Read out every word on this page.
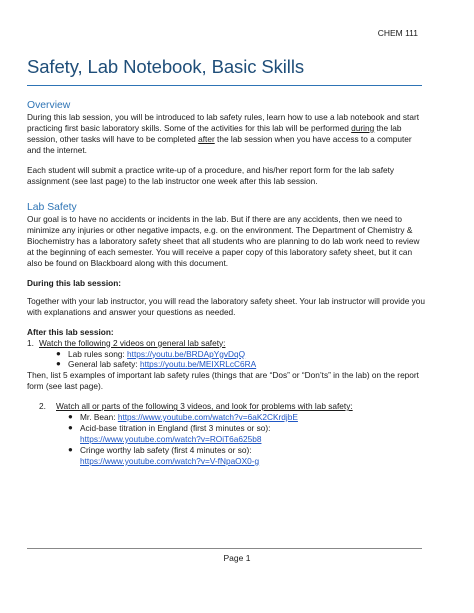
CHEM 111
Safety, Lab Notebook, Basic Skills
Overview

During this lab session, you will be introduced to lab safety rules, learn how to use a lab notebook and start practicing first basic laboratory skills. Some of the activities for this lab will be performed during the lab session, other tasks will have to be completed after the lab session when you have access to a computer and the internet.

Each student will submit a practice write-up of a procedure, and his/her report form for the lab safety assignment (see last page) to the lab instructor one week after this lab session.

Lab Safety

Our goal is to have no accidents or incidents in the lab. But if there are any accidents, then we need to minimize any injuries or other negative impacts, e.g. on the environment. The Department of Chemistry & Biochemistry has a laboratory safety sheet that all students who are planning to do lab work need to review at the beginning of each semester. You will receive a paper copy of this laboratory safety sheet, but it can also be found on Blackboard along with this document.

During this lab session:

Together with your lab instructor, you will read the laboratory safety sheet. Your lab instructor will provide you with explanations and answer your questions as needed.

After this lab session:

1. Watch the following 2 videos on general lab safety:
● Lab rules song: https://youtu.be/BRDApYgvDqQ
● General lab safety: https://youtu.be/MEIXRLcC6RA

Then, list 5 examples of important lab safety rules (things that are “Dos” or “Don’ts” in the lab) on the report form (see last page).

2. Watch all or parts of the following 3 videos, and look for problems with lab safety:
● Mr. Bean: https://www.youtube.com/watch?v=6aK2CKrdjbE
● Acid-base titration in England (first 3 minutes or so):
https://www.youtube.com/watch?v=ROiT6a625b8
● Cringe worthy lab safety (first 4 minutes or so):
https://www.youtube.com/watch?v=V-fNpaOX0-g
Page 1
